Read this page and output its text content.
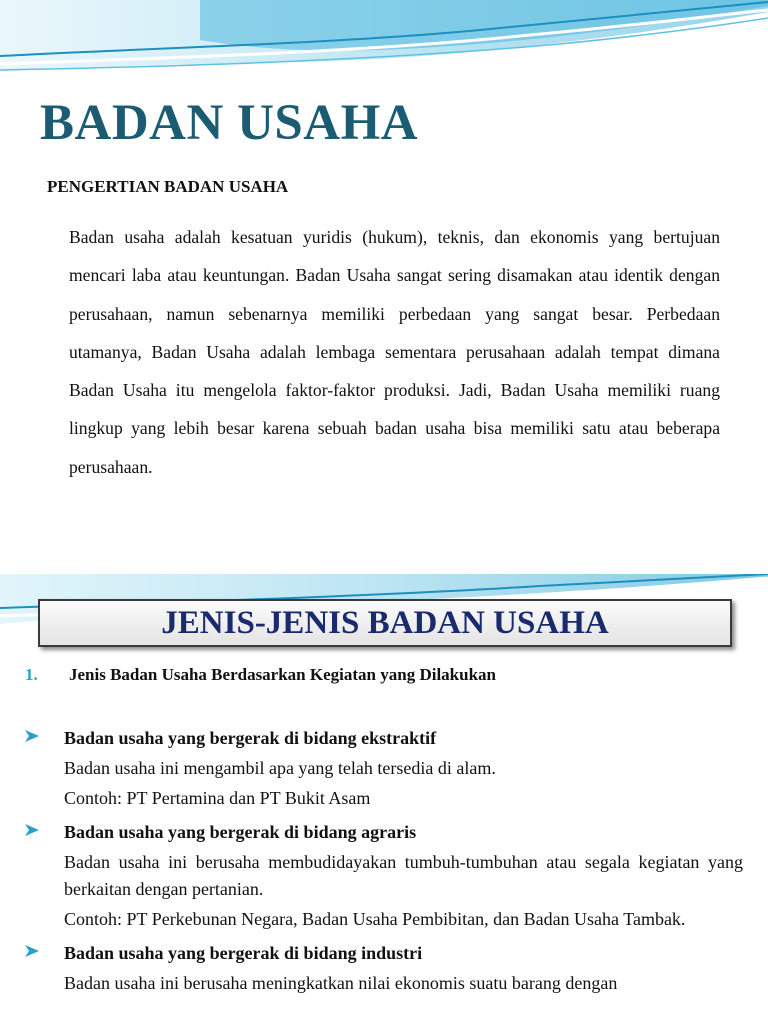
BADAN USAHA
PENGERTIAN BADAN USAHA

Badan usaha adalah kesatuan yuridis (hukum), teknis, dan ekonomis yang bertujuan mencari laba atau keuntungan. Badan Usaha sangat sering disamakan atau identik dengan perusahaan, namun sebenarnya memiliki perbedaan yang sangat besar. Perbedaan utamanya, Badan Usaha adalah lembaga sementara perusahaan adalah tempat dimana Badan Usaha itu mengelola faktor-faktor produksi. Jadi, Badan Usaha memiliki ruang lingkup yang lebih besar karena sebuah badan usaha bisa memiliki satu atau beberapa perusahaan.

JENIS-JENIS BADAN USAHA
1. Jenis Badan Usaha Berdasarkan Kegiatan yang Dilakukan

Badan usaha yang bergerak di bidang ekstraktif

Badan usaha ini mengambil apa yang telah tersedia di alam.

Contoh: PT Pertamina dan PT Bukit Asam

Badan usaha yang bergerak di bidang agraris

Badan usaha ini berusaha membudidayakan tumbuh-tumbuhan atau segala kegiatan yang berkaitan dengan pertanian.

Contoh: PT Perkebunan Negara, Badan Usaha Pembibitan, dan Badan Usaha Tambak.

Badan usaha yang bergerak di bidang industri

Badan usaha ini berusaha meningkatkan nilai ekonomis suatu barang dengan
